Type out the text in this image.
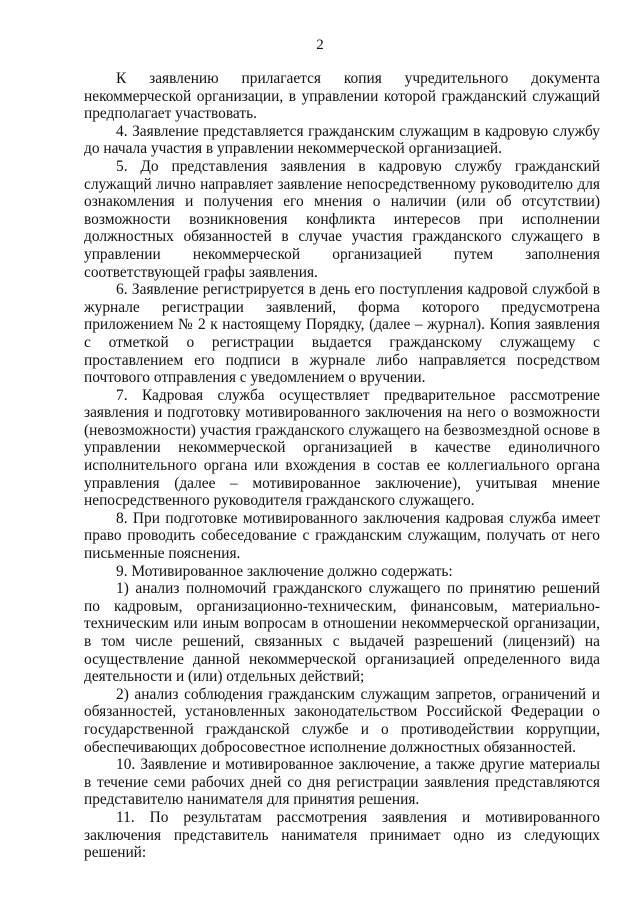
2

К заявлению прилагается копия учредительного документа некоммерческой организации, в управлении которой гражданский служащий предполагает участвовать.

4. Заявление представляется гражданским служащим в кадровую службу до начала участия в управлении некоммерческой организацией.

5. До представления заявления в кадровую службу гражданский служащий лично направляет заявление непосредственному руководителю для ознакомления и получения его мнения о наличии (или об отсутствии) возможности возникновения конфликта интересов при исполнении должностных обязанностей в случае участия гражданского служащего в управлении некоммерческой организацией путем заполнения соответствующей графы заявления.

6. Заявление регистрируется в день его поступления кадровой службой в журнале регистрации заявлений, форма которого предусмотрена приложением № 2 к настоящему Порядку, (далее – журнал). Копия заявления с отметкой о регистрации выдается гражданскому служащему с проставлением его подписи в журнале либо направляется посредством почтового отправления с уведомлением о вручении.

7. Кадровая служба осуществляет предварительное рассмотрение заявления и подготовку мотивированного заключения на него о возможности (невозможности) участия гражданского служащего на безвозмездной основе в управлении некоммерческой организацией в качестве единоличного исполнительного органа или вхождения в состав ее коллегиального органа управления (далее – мотивированное заключение), учитывая мнение непосредственного руководителя гражданского служащего.

8. При подготовке мотивированного заключения кадровая служба имеет право проводить собеседование с гражданским служащим, получать от него письменные пояснения.

9. Мотивированное заключение должно содержать:

1) анализ полномочий гражданского служащего по принятию решений по кадровым, организационно-техническим, финансовым, материально-техническим или иным вопросам в отношении некоммерческой организации, в том числе решений, связанных с выдачей разрешений (лицензий) на осуществление данной некоммерческой организацией определенного вида деятельности и (или) отдельных действий;

2) анализ соблюдения гражданским служащим запретов, ограничений и обязанностей, установленных законодательством Российской Федерации о государственной гражданской службе и о противодействии коррупции, обеспечивающих добросовестное исполнение должностных обязанностей.

10. Заявление и мотивированное заключение, а также другие материалы в течение семи рабочих дней со дня регистрации заявления представляются представителю нанимателя для принятия решения.

11. По результатам рассмотрения заявления и мотивированного заключения представитель нанимателя принимает одно из следующих решений:
